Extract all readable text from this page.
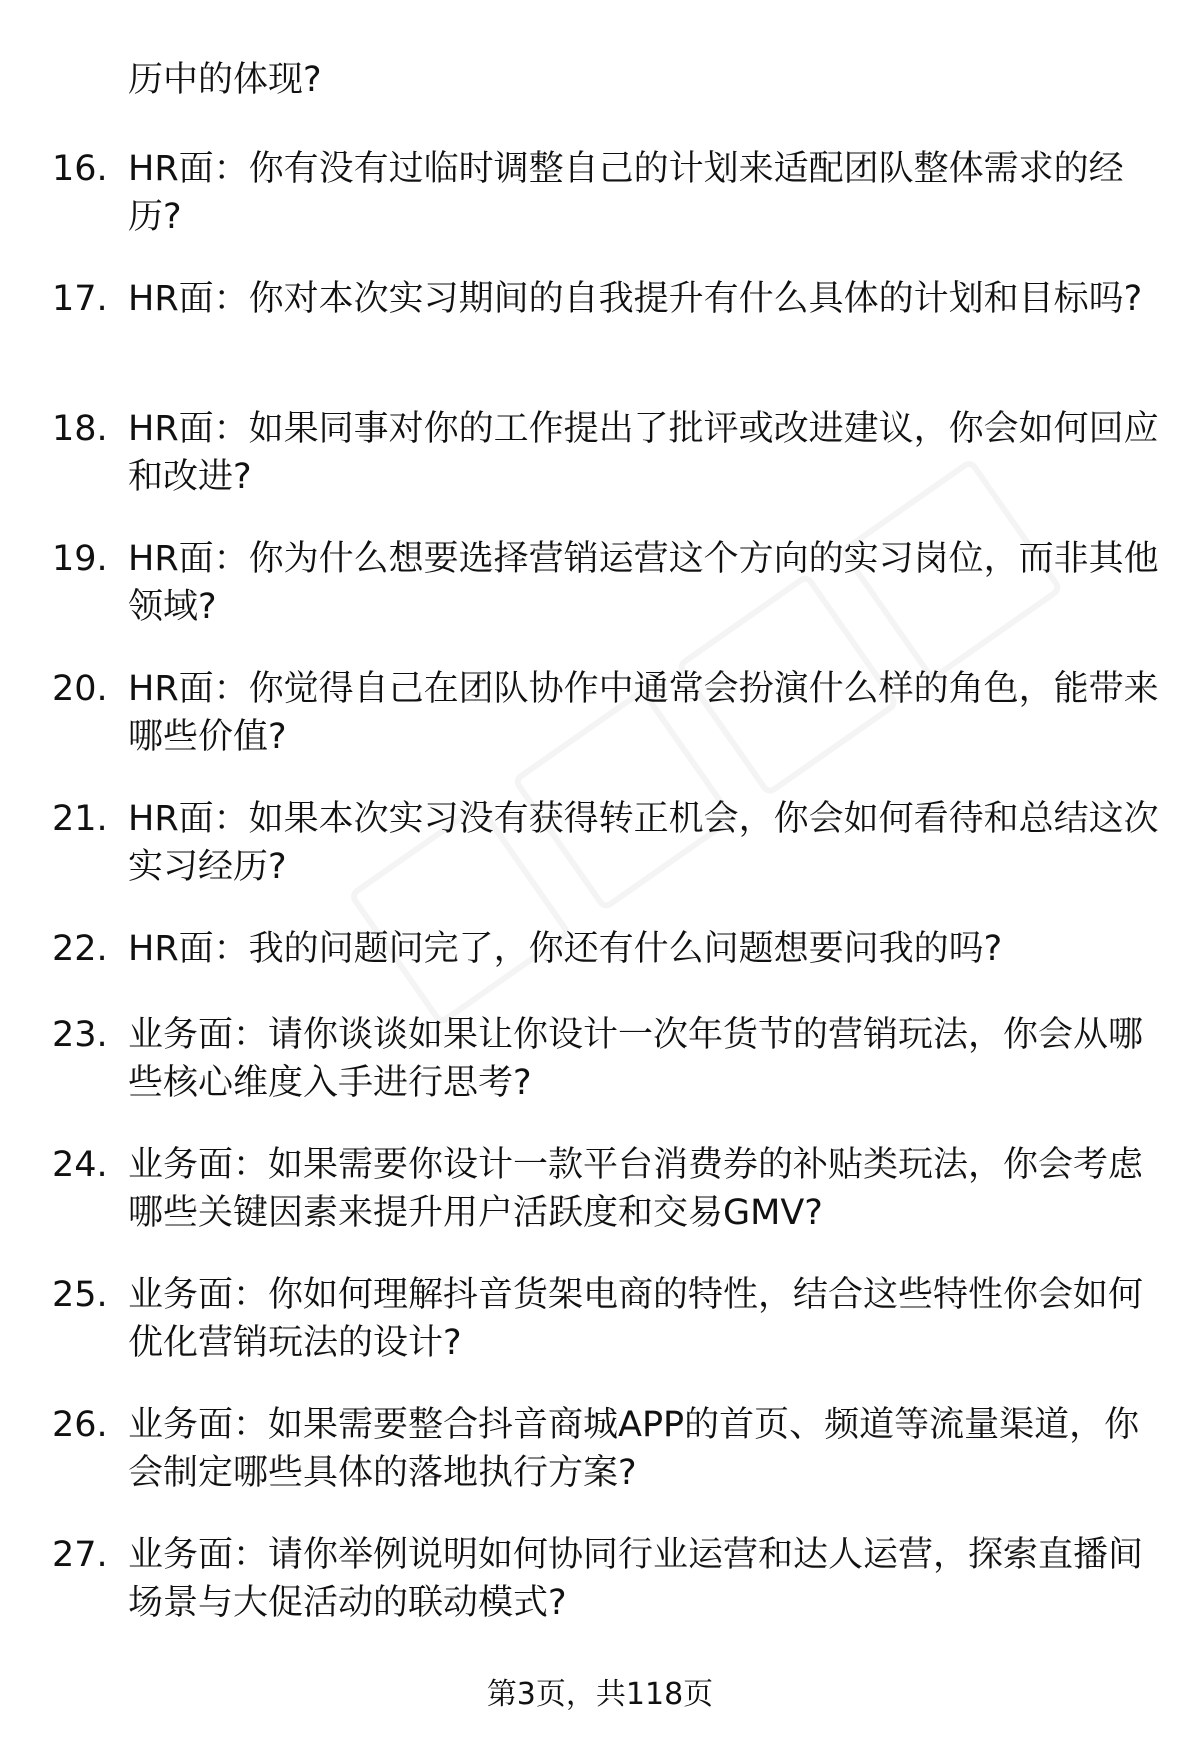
历中的体现?

16. HR面：你有没有过临时调整自己的计划来适配团队整体需求的经历?

17. HR面：你对本次实习期间的自我提升有什么具体的计划和目标吗?

18. HR面：如果同事对你的工作提出了批评或改进建议，你会如何回应和改进?

19. HR面：你为什么想要选择营销运营这个方向的实习岗位，而非其他领域?

20. HR面：你觉得自己在团队协作中通常会扮演什么样的角色，能带来哪些价值?

21. HR面：如果本次实习没有获得转正机会，你会如何看待和总结这次实习经历?

22. HR面：我的问题问完了，你还有什么问题想要问我的吗?

23. 业务面：请你谈谈如果让你设计一次年货节的营销玩法，你会从哪些核心维度入手进行思考?

24. 业务面：如果需要你设计一款平台消费券的补贴类玩法，你会考虑哪些关键因素来提升用户活跃度和交易GMV?

25. 业务面：你如何理解抖音货架电商的特性，结合这些特性你会如何优化营销玩法的设计?

26. 业务面：如果需要整合抖音商城APP的首页、频道等流量渠道，你会制定哪些具体的落地执行方案?

27. 业务面：请你举例说明如何协同行业运营和达人运营，探索直播间场景与大促活动的联动模式?

第3页，共118页
